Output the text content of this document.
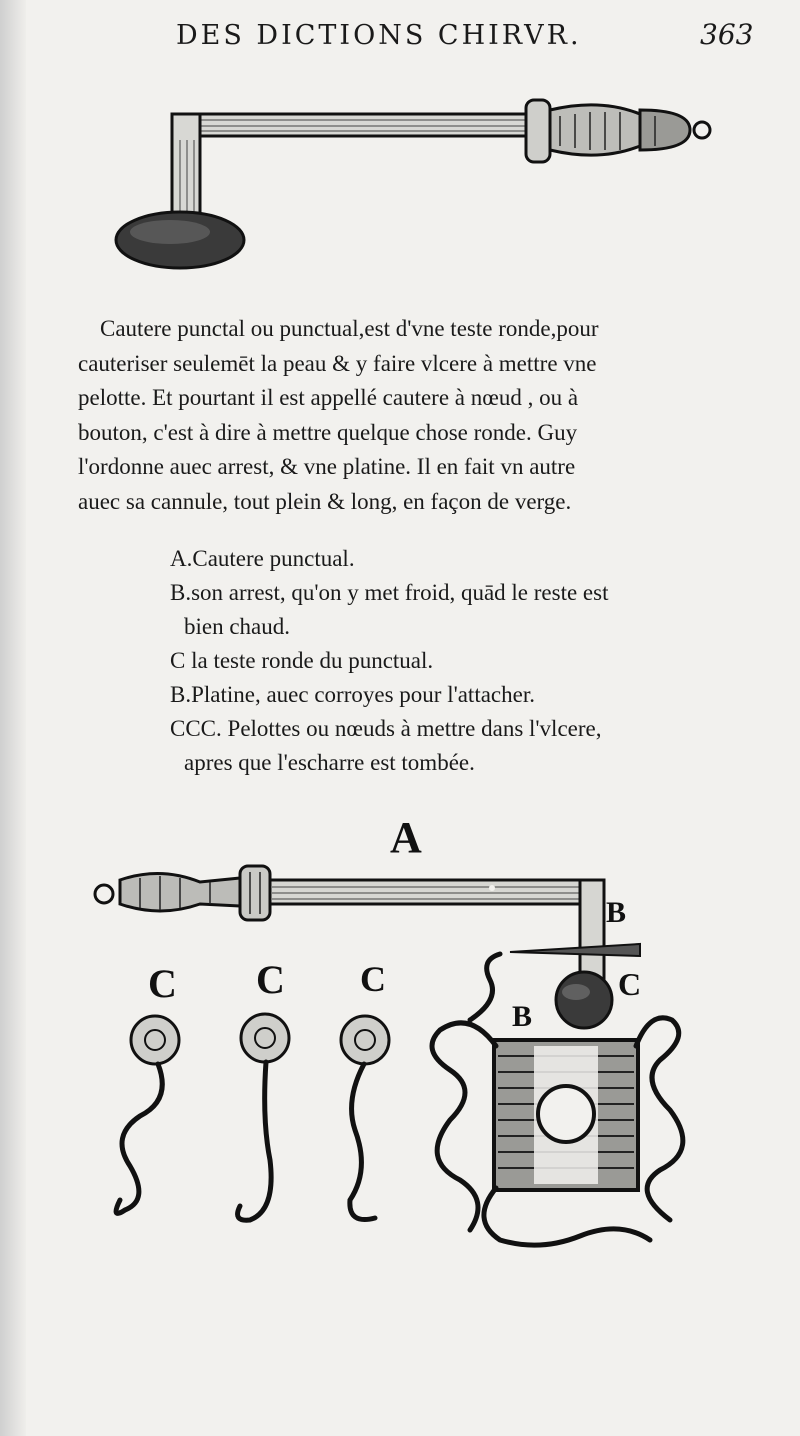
DES DICTIONS CHIRVR.	363
Cautere punctal ou punctual,est d'vne teste ronde,pour
cauteriser seulemēt la peau & y faire vlcere à mettre vne
pelotte. Et pourtant il est appellé cautere à nœud , ou à
bouton, c'est à dire à mettre quelque chose ronde. Guy
l'ordonne auec arrest, & vne platine. Il en fait vn autre
auec sa cannule, tout plein & long, en façon de verge.
A.Cautere punctual.
B.son arrest, qu'on y met froid, quād le reste est
bien chaud.
C la teste ronde du punctual.
B.Platine, auec corroyes pour l'attacher.
CCC. Pelottes ou nœuds à mettre dans l'vlcere,
apres que l'escharre est tombée.
A
B
C
B
C C C
